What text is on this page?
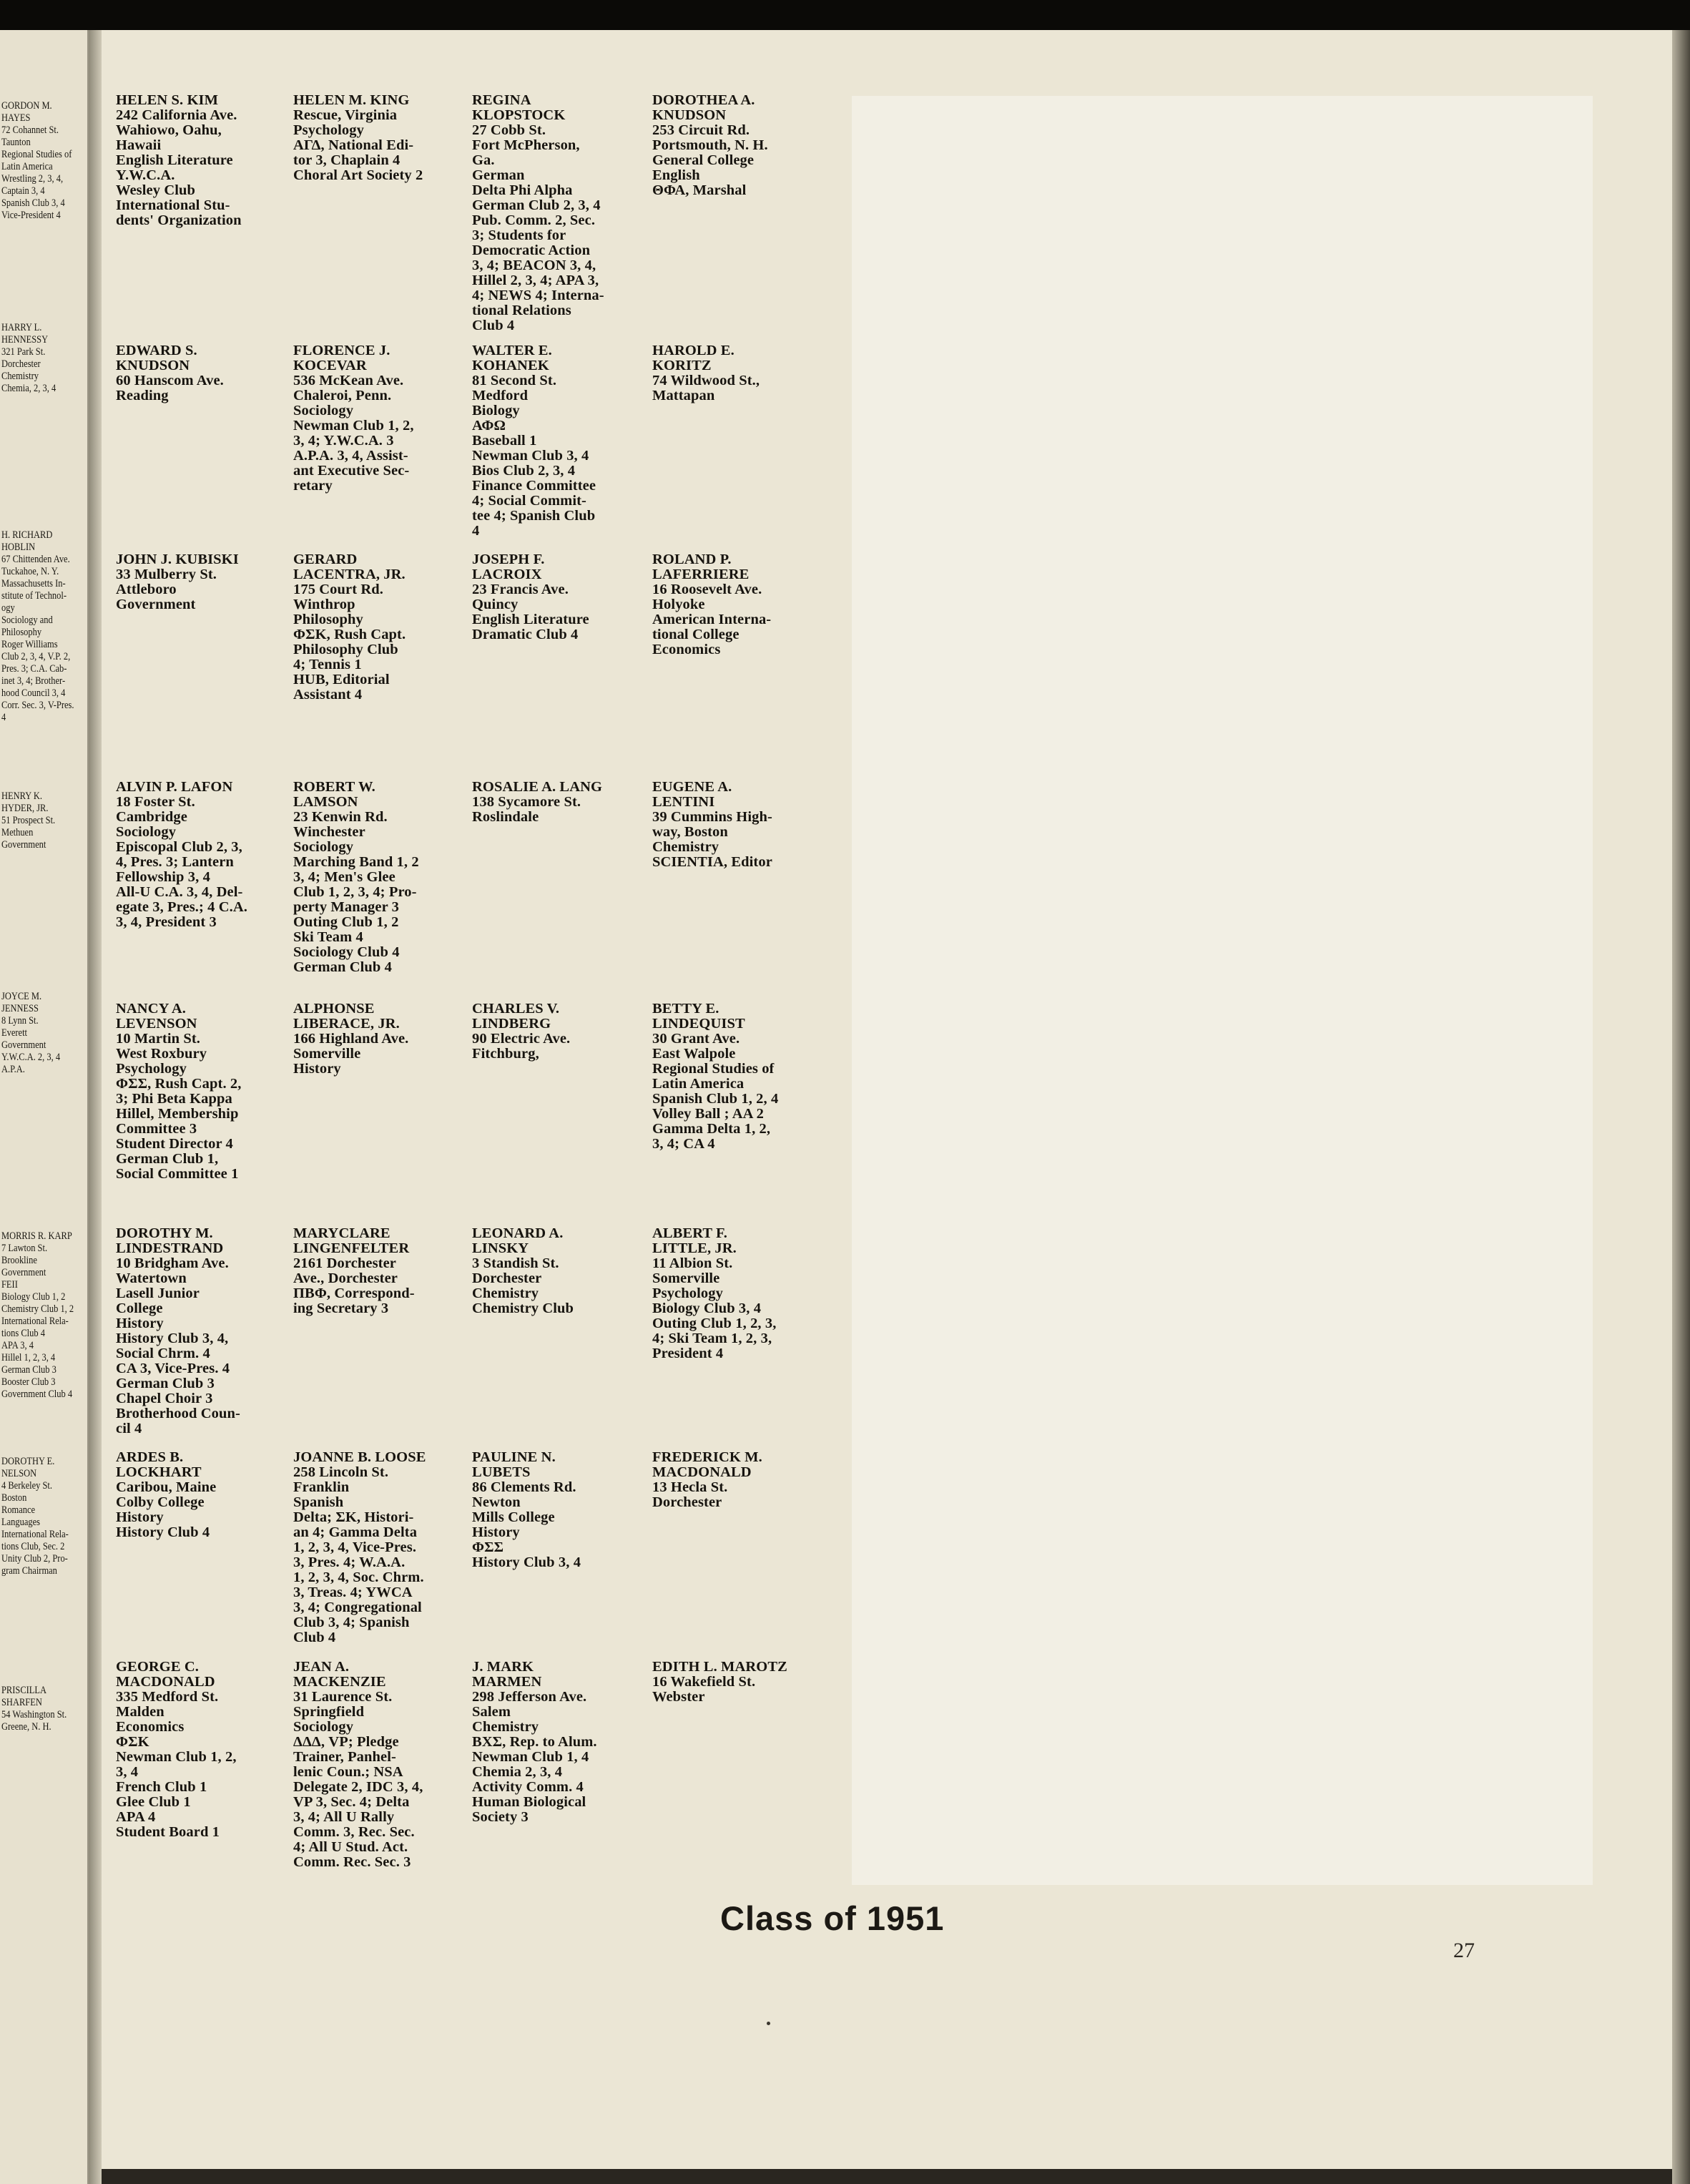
GORDON M.
HAYES
72 Cohannet St.
Taunton
Regional Studies of
Latin America
Wrestling 2, 3, 4,
Captain 3, 4
Spanish Club 3, 4
Vice-President 4
HARRY L.
HENNESSY
321 Park St.
Dorchester
Chemistry
Chemia, 2, 3, 4
H. RICHARD
HOBLIN
67 Chittenden Ave.
Tuckahoe, N. Y.
Massachusetts In-
stitute of Technol-
ogy
Sociology and
Philosophy
Roger Williams
Club 2, 3, 4, V.P. 2,
Pres. 3; C.A. Cab-
inet 3, 4; Brother-
hood Council 3, 4
Corr. Sec. 3, V-Pres.
4
HENRY K.
HYDER, JR.
51 Prospect St.
Methuen
Government
JOYCE M.
JENNESS
8 Lynn St.
Everett
Government
Y.W.C.A. 2, 3, 4
A.P.A.
MORRIS R. KARP
7 Lawton St.
Brookline
Government
FEII
Biology Club 1, 2
Chemistry Club 1, 2
International Rela-
tions Club 4
APA 3, 4
Hillel 1, 2, 3, 4
German Club 3
Booster Club 3
Government Club 4
DOROTHY E.
NELSON
4 Berkeley St.
Boston
Romance
Languages
International Rela-
tions Club, Sec. 2
Unity Club 2, Pro-
gram Chairman
PRISCILLA
SHARFEN
54 Washington St.
Greene, N. H.
Class of 1951
27
HELEN S. KIM
242 California Ave.
Wahiowo, Oahu,
Hawaii
English Literature
Y.W.C.A.
Wesley Club
International Stu-
dents' Organization
HELEN M. KING
Rescue, Virginia
Psychology
ΑΓΔ, National Edi-
tor 3, Chaplain 4
Choral Art Society 2
REGINA
KLOPSTOCK
27 Cobb St.
Fort McPherson,
Ga.
German
Delta Phi Alpha
German Club 2, 3, 4
Pub. Comm. 2, Sec.
3; Students for
Democratic Action
3, 4; BEACON 3, 4,
Hillel 2, 3, 4; APA 3,
4; NEWS 4; Interna-
tional Relations
Club 4
DOROTHEA A.
KNUDSON
253 Circuit Rd.
Portsmouth, N. H.
General College
English
ΘΦΑ, Marshal
EDWARD S.
KNUDSON
60 Hanscom Ave.
Reading
FLORENCE J.
KOCEVAR
536 McKean Ave.
Chaleroi, Penn.
Sociology
Newman Club 1, 2,
3, 4; Y.W.C.A. 3
A.P.A. 3, 4, Assist-
ant Executive Sec-
retary
WALTER E.
KOHANEK
81 Second St.
Medford
Biology
ΑΦΩ
Baseball 1
Newman Club 3, 4
Bios Club 2, 3, 4
Finance Committee
4; Social Commit-
tee 4; Spanish Club
4
HAROLD E.
KORITZ
74 Wildwood St.,
Mattapan
JOHN J. KUBISKI
33 Mulberry St.
Attleboro
Government
GERARD
LACENTRA, JR.
175 Court Rd.
Winthrop
Philosophy
ΦΣΚ, Rush Capt.
Philosophy Club
4; Tennis 1
HUB, Editorial
Assistant 4
JOSEPH F.
LACROIX
23 Francis Ave.
Quincy
English Literature
Dramatic Club 4
ROLAND P.
LAFERRIERE
16 Roosevelt Ave.
Holyoke
American Interna-
tional College
Economics
ALVIN P. LAFON
18 Foster St.
Cambridge
Sociology
Episcopal Club 2, 3,
4, Pres. 3; Lantern
Fellowship 3, 4
All-U C.A. 3, 4, Del-
egate 3, Pres.; 4 C.A.
3, 4, President 3
ROBERT W.
LAMSON
23 Kenwin Rd.
Winchester
Sociology
Marching Band 1, 2
3, 4; Men's Glee
Club 1, 2, 3, 4; Pro-
perty Manager 3
Outing Club 1, 2
Ski Team 4
Sociology Club 4
German Club 4
ROSALIE A. LANG
138 Sycamore St.
Roslindale
EUGENE A.
LENTINI
39 Cummins High-
way, Boston
Chemistry
SCIENTIA, Editor
NANCY A.
LEVENSON
10 Martin St.
West Roxbury
Psychology
ΦΣΣ, Rush Capt. 2,
3; Phi Beta Kappa
Hillel, Membership
Committee 3
Student Director 4
German Club 1,
Social Committee 1
ALPHONSE
LIBERACE, JR.
166 Highland Ave.
Somerville
History
CHARLES V.
LINDBERG
90 Electric Ave.
Fitchburg,
BETTY E.
LINDEQUIST
30 Grant Ave.
East Walpole
Regional Studies of
Latin America
Spanish Club 1, 2, 4
Volley Ball ; AA 2
Gamma Delta 1, 2,
3, 4; CA 4
DOROTHY M.
LINDESTRAND
10 Bridgham Ave.
Watertown
Lasell Junior
College
History
History Club 3, 4,
Social Chrm. 4
CA 3, Vice-Pres. 4
German Club 3
Chapel Choir 3
Brotherhood Coun-
cil 4
MARYCLARE
LINGENFELTER
2161 Dorchester
Ave., Dorchester
ΠΒΦ, Correspond-
ing Secretary 3
LEONARD A.
LINSKY
3 Standish St.
Dorchester
Chemistry
Chemistry Club
ALBERT F.
LITTLE, JR.
11 Albion St.
Somerville
Psychology
Biology Club 3, 4
Outing Club 1, 2, 3,
4; Ski Team 1, 2, 3,
President 4
ARDES B.
LOCKHART
Caribou, Maine
Colby College
History
History Club 4
JOANNE B. LOOSE
258 Lincoln St.
Franklin
Spanish
Delta; ΣΚ, Histori-
an 4; Gamma Delta
1, 2, 3, 4, Vice-Pres.
3, Pres. 4; W.A.A.
1, 2, 3, 4, Soc. Chrm.
3, Treas. 4; YWCA
3, 4; Congregational
Club 3, 4; Spanish
Club 4
PAULINE N.
LUBETS
86 Clements Rd.
Newton
Mills College
History
ΦΣΣ
History Club 3, 4
FREDERICK M.
MACDONALD
13 Hecla St.
Dorchester
GEORGE C.
MACDONALD
335 Medford St.
Malden
Economics
ΦΣΚ
Newman Club 1, 2,
3, 4
French Club 1
Glee Club 1
APA 4
Student Board 1
JEAN A.
MACKENZIE
31 Laurence St.
Springfield
Sociology
ΔΔΔ, VP; Pledge
Trainer, Panhel-
lenic Coun.; NSA
Delegate 2, IDC 3, 4,
VP 3, Sec. 4; Delta
3, 4; All U Rally
Comm. 3, Rec. Sec.
4; All U Stud. Act.
Comm. Rec. Sec. 3
J. MARK
MARMEN
298 Jefferson Ave.
Salem
Chemistry
ΒΧΣ, Rep. to Alum.
Newman Club 1, 4
Chemia 2, 3, 4
Activity Comm. 4
Human Biological
Society 3
EDITH L. MAROTZ
16 Wakefield St.
Webster
